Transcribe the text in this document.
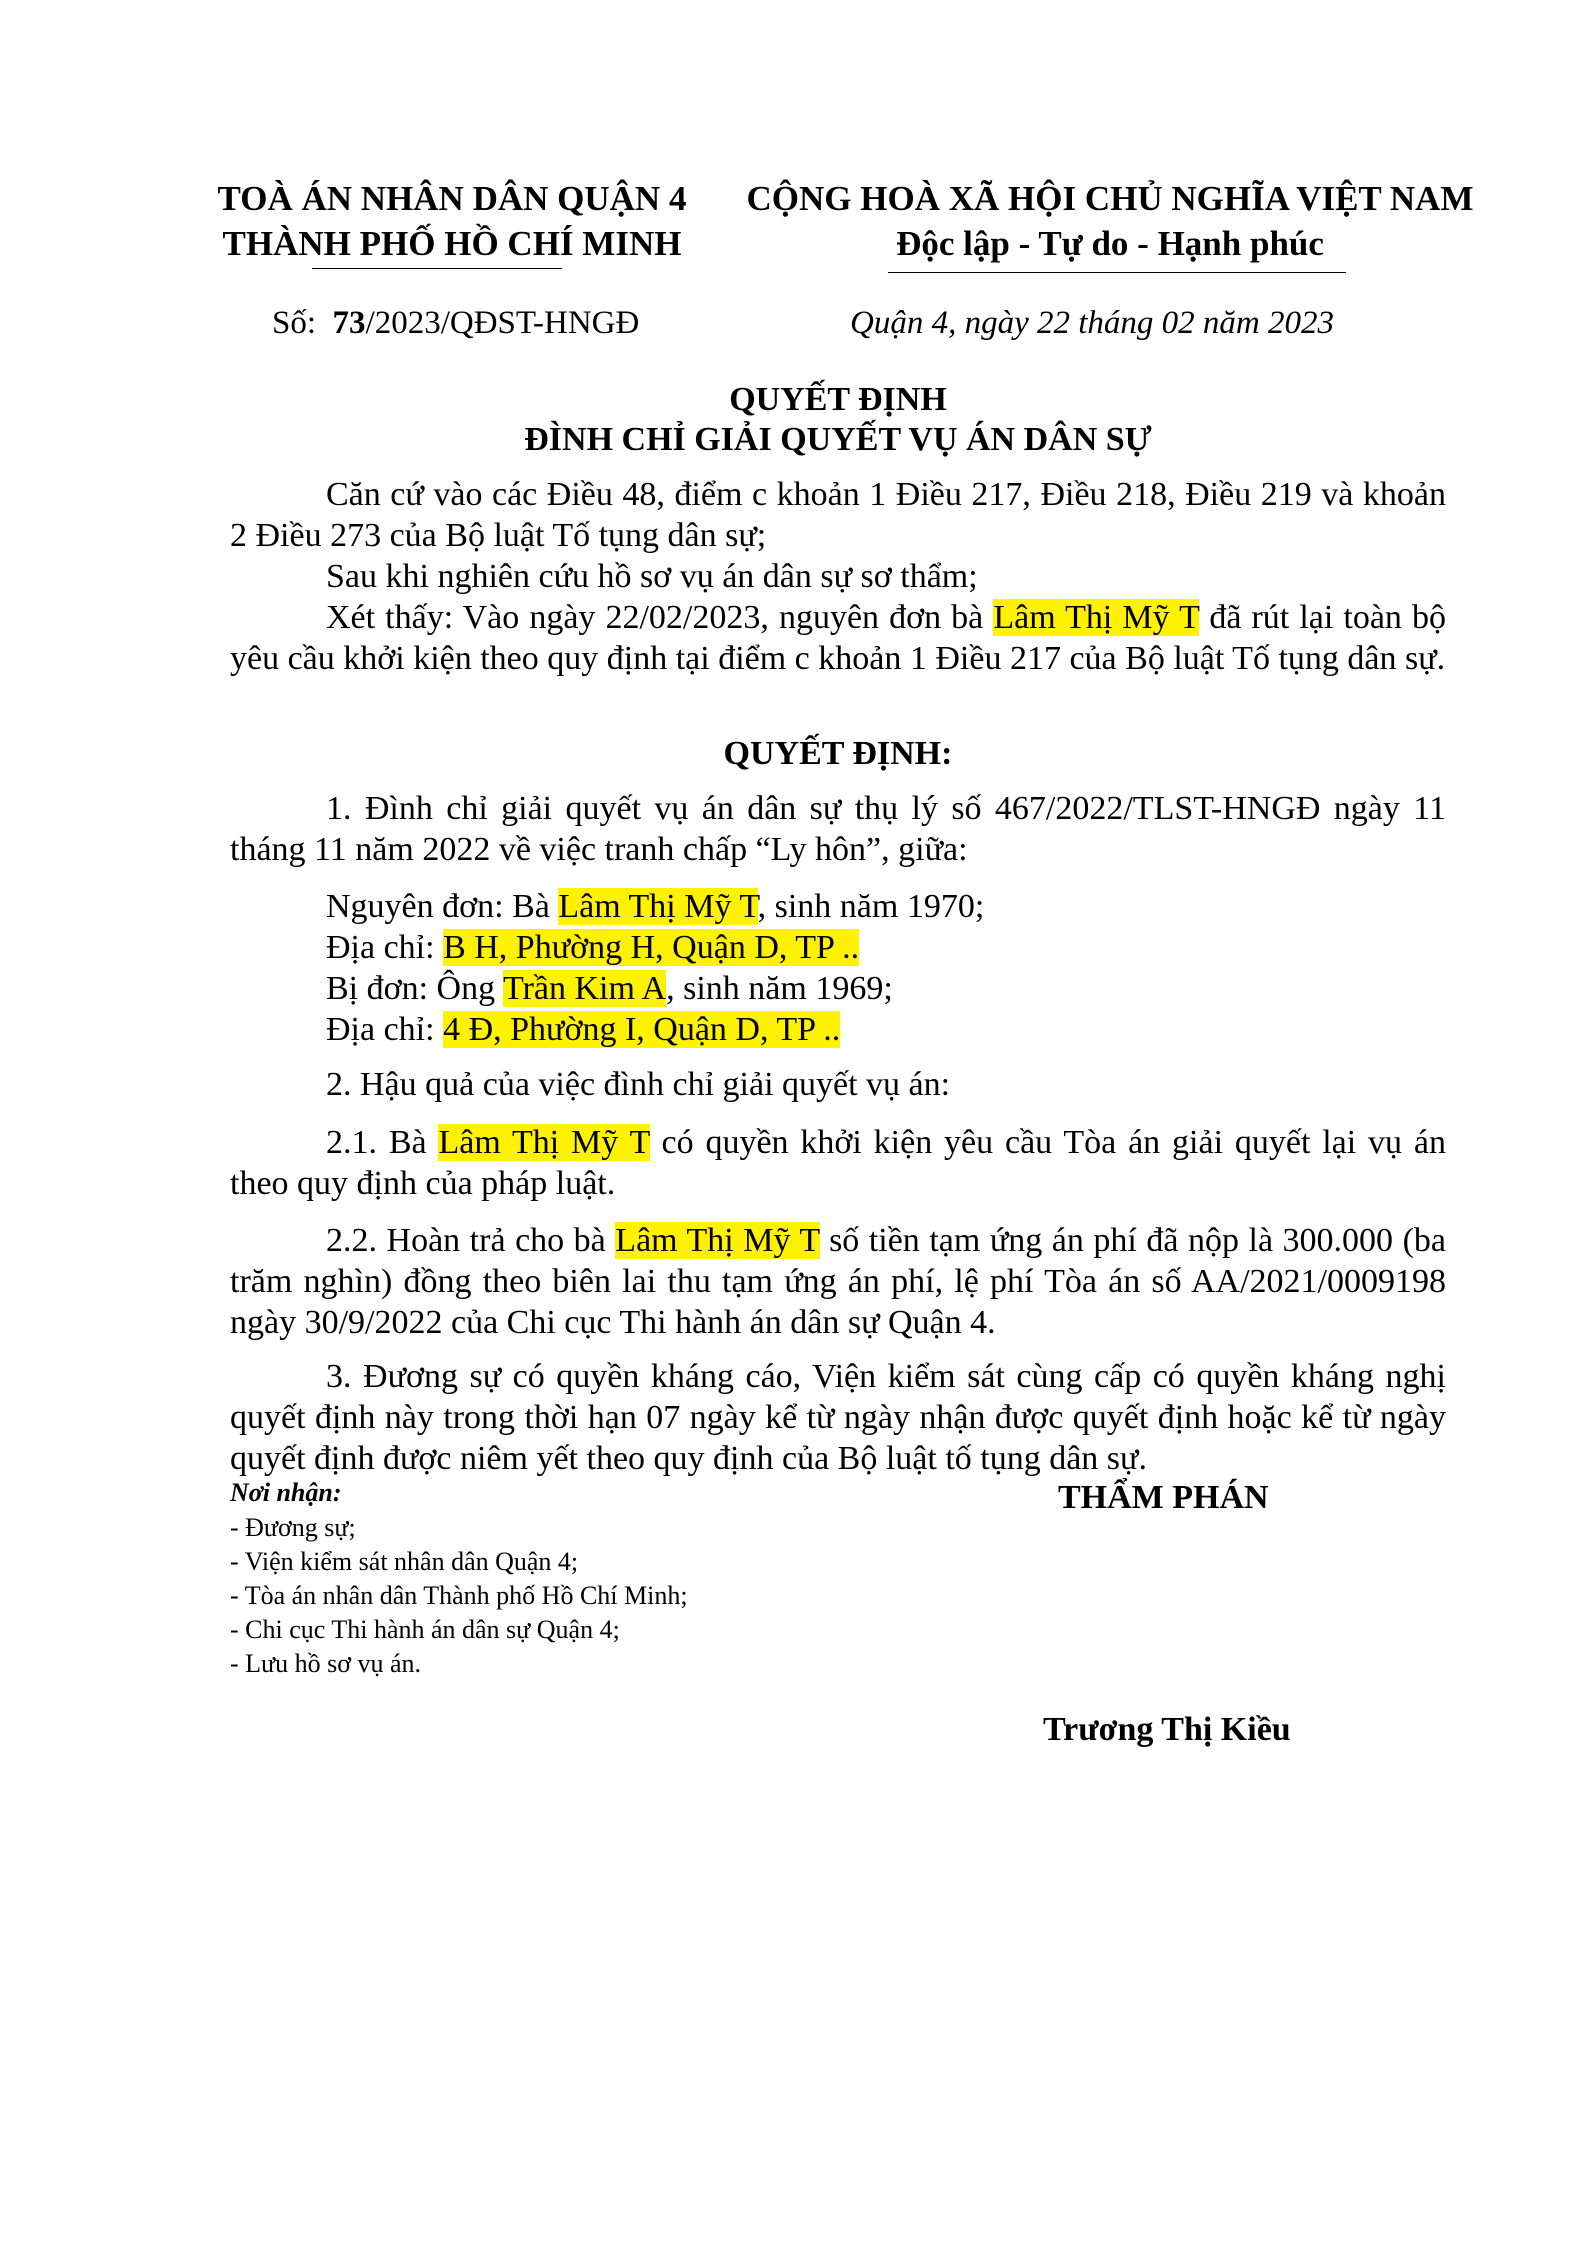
TOÀ ÁN NHÂN DÂN QUẬN 4
THÀNH PHỐ HỒ CHÍ MINH
CỘNG HOÀ XÃ HỘI CHỦ NGHĨA VIỆT NAM
Độc lập - Tự do - Hạnh phúc
Số: 73/2023/QĐST-HNGĐ	Quận 4, ngày 22 tháng 02 năm 2023
QUYẾT ĐỊNH
ĐÌNH CHỈ GIẢI QUYẾT VỤ ÁN DÂN SỰ
Căn cứ vào các Điều 48, điểm c khoản 1 Điều 217, Điều 218, Điều 219 và khoản 2 Điều 273 của Bộ luật Tố tụng dân sự;
Sau khi nghiên cứu hồ sơ vụ án dân sự sơ thẩm;
Xét thấy: Vào ngày 22/02/2023, nguyên đơn bà Lâm Thị Mỹ T đã rút lại toàn bộ yêu cầu khởi kiện theo quy định tại điểm c khoản 1 Điều 217 của Bộ luật Tố tụng dân sự.
QUYẾT ĐỊNH:
1. Đình chỉ giải quyết vụ án dân sự thụ lý số 467/2022/TLST-HNGĐ ngày 11 tháng 11 năm 2022 về việc tranh chấp “Ly hôn”, giữa:
Nguyên đơn: Bà Lâm Thị Mỹ T, sinh năm 1970;
Địa chỉ: B H, Phường H, Quận D, TP ..
Bị đơn: Ông Trần Kim A, sinh năm 1969;
Địa chỉ: 4 Đ, Phường I, Quận D, TP ..
2. Hậu quả của việc đình chỉ giải quyết vụ án:
2.1. Bà Lâm Thị Mỹ T có quyền khởi kiện yêu cầu Tòa án giải quyết lại vụ án theo quy định của pháp luật.
2.2. Hoàn trả cho bà Lâm Thị Mỹ T số tiền tạm ứng án phí đã nộp là 300.000 (ba trăm nghìn) đồng theo biên lai thu tạm ứng án phí, lệ phí Tòa án số AA/2021/0009198 ngày 30/9/2022 của Chi cục Thi hành án dân sự Quận 4.
3. Đương sự có quyền kháng cáo, Viện kiểm sát cùng cấp có quyền kháng nghị quyết định này trong thời hạn 07 ngày kể từ ngày nhận được quyết định hoặc kể từ ngày quyết định được niêm yết theo quy định của Bộ luật tố tụng dân sự.
Nơi nhận:
- Đương sự;
- Viện kiểm sát nhân dân Quận 4;
- Tòa án nhân dân Thành phố Hồ Chí Minh;
- Chi cục Thi hành án dân sự Quận 4;
- Lưu hồ sơ vụ án.
THẨM PHÁN
Trương Thị Kiều
